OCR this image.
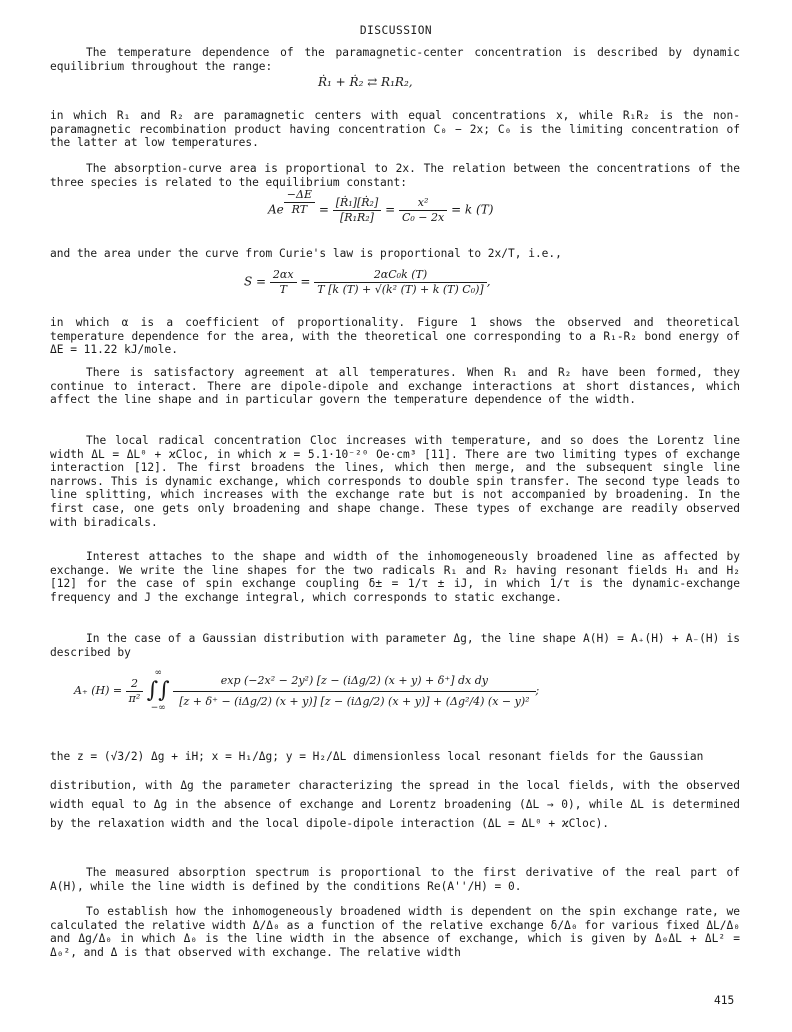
DISCUSSION

The temperature dependence of the paramagnetic-center concentration is described by dynamic equilibrium throughout the range:

Ṙ₁ + Ṙ₂ ⇄ R₁R₂,

in which R₁ and R₂ are paramagnetic centers with equal concentrations x, while R₁R₂ is the non-paramagnetic recombination product having concentration C₀ − 2x; C₀ is the limiting concentration of the latter at low temperatures.

The absorption-curve area is proportional to 2x. The relation between the concentrations of the three species is related to the equilibrium constant:

Ae $\frac{-\Delta E}{RT} = \frac{\text{[Ṙ₁][Ṙ₂]}}{\text{[R₁R₂]}} = \frac{\text{x²}}{\text{C₀ − 2x}} = k$ (T)

and the area under the curve from Curie's law is proportional to 2x/T, i.e.,

$S = \frac{2\alpha x}{T} = \frac{\text{2αC₀k (T)}}{\text{T [k (T) + √(k² (T) + k (T) C₀)]}}$ ,

in which α is a coefficient of proportionality. Figure 1 shows the observed and theoretical temperature dependence for the area, with the theoretical one corresponding to a R₁-R₂ bond energy of ΔE = 11.22 kJ/mole.

There is satisfactory agreement at all temperatures. When R₁ and R₂ have been formed, they continue to interact. There are dipole-dipole and exchange interactions at short distances, which affect the line shape and in particular govern the temperature dependence of the width.

The local radical concentration Cloc increases with temperature, and so does the Lorentz line width ΔL = ΔL⁰ + ϰCloc, in which ϰ = 5.1·10⁻²⁰ Oe·cm³ [11]. There are two limiting types of exchange interaction [12]. The first broadens the lines, which then merge, and the subsequent single line narrows. This is dynamic exchange, which corresponds to double spin transfer. The second type leads to line splitting, which increases with the exchange rate but is not accompanied by broadening. In the first case, one gets only broadening and shape change. These types of exchange are readily observed with biradicals.

Interest attaches to the shape and width of the inhomogeneously broadened line as affected by exchange. We write the line shapes for the two radicals R₁ and R₂ having resonant fields H₁ and H₂ [12] for the case of spin exchange coupling δ± = 1/τ ± iJ, in which 1/τ is the dynamic-exchange frequency and J the exchange integral, which corresponds to static exchange.

In the case of a Gaussian distribution with parameter Δg, the line shape A(H) = A₊(H) + A₋(H) is described by

A₊ $(H) = \frac{2}{\text{π²}}$

∞
∫∫
−∞

exp (−2x² − 2y²) [z − (iΔg/2) (x + y) + δ⁺] dx dy
[z + δ⁺ − (iΔg/2) (x + y)] [z − (iΔg/2) (x + y)] + (Δg²/4) (x − y)²
;
the z = (√3/2) Δg + iH; x = H₁/Δg; y = H₂/ΔL dimensionless local resonant fields for the Gaussian

distribution, with Δg the parameter characterizing the spread in the local fields, with the observed width equal to Δg in the absence of exchange and Lorentz broadening (ΔL → 0), while ΔL is determined by the relaxation width and the local dipole-dipole interaction (ΔL = ΔL⁰ + ϰCloc).

The measured absorption spectrum is proportional to the first derivative of the real part of A(H), while the line width is defined by the conditions Re(A''/H) = 0.

To establish how the inhomogeneously broadened width is dependent on the spin exchange rate, we calculated the relative width Δ/Δ₀ as a function of the relative exchange δ/Δ₀ for various fixed ΔL/Δ₀ and Δg/Δ₀ in which Δ₀ is the line width in the absence of exchange, which is given by Δ₀ΔL + ΔL² = Δ₀², and Δ is that observed with exchange. The relative width

415
